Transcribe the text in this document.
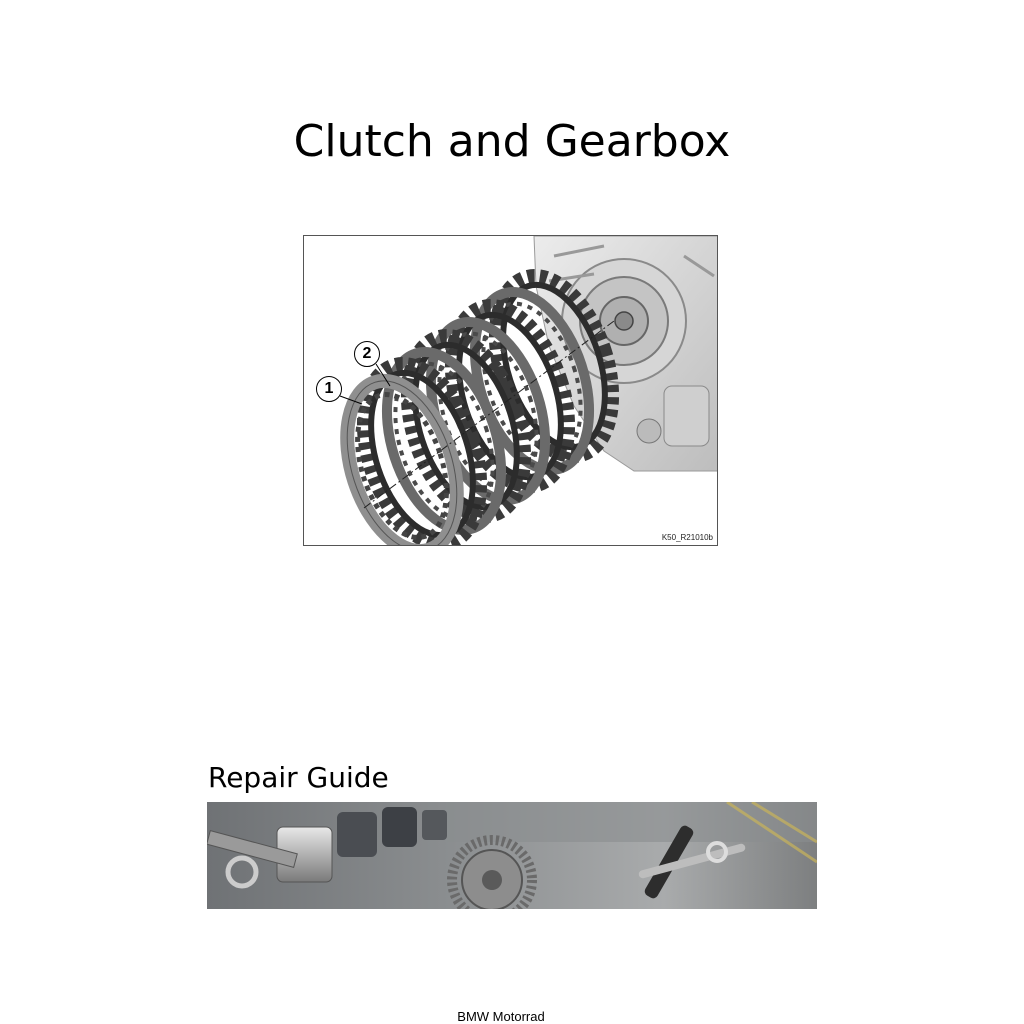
Clutch and Gearbox
1
2
K50_R21010b
Repair Guide
BMW Motorrad
